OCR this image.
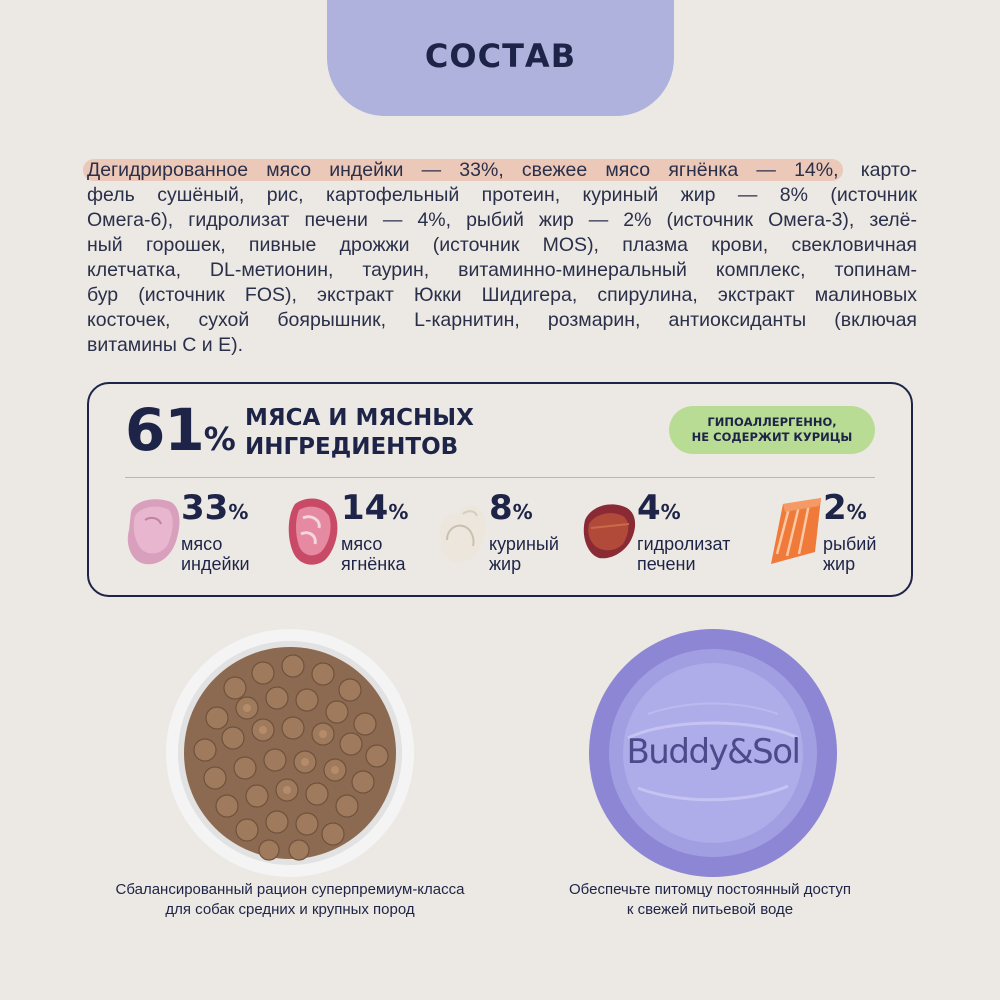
СОСТАВ

Дегидрированное мясо индейки — 33%, свежее мясо ягнёнка — 14%, карто-
фель сушёный, рис, картофельный протеин, куриный жир — 8% (источник
Омега-6), гидролизат печени — 4%, рыбий жир — 2% (источник Омега-3), зелё-
ный горошек, пивные дрожжи (источник MOS), плазма крови, свекловичная
клетчатка, DL-метионин, таурин, витаминно-минеральный комплекс, топинам-
бур (источник FOS), экстракт Юкки Шидигера, спирулина, экстракт малиновых
косточек, сухой боярышник, L-карнитин, розмарин, антиоксиданты (включая
витамины С и Е).

61%
МЯСА И МЯСНЫХ
ИНГРЕДИЕНТОВ
ГИПОАЛЛЕРГЕННО,
НЕ СОДЕРЖИТ КУРИЦЫ
33%
мясо
индейки
14%
мясо
ягнёнка
8%
куриный
жир
4%
гидролизат
печени
2%
рыбий
жир
Buddy&Sol
Сбалансированный рацион суперпремиум-класса
для собак средних и крупных пород
Обеспечьте питомцу постоянный доступ
к свежей питьевой воде
